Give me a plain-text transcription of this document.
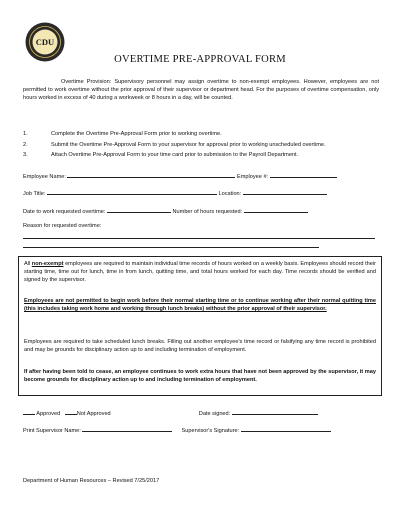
CDU
OVERTIME PRE-APPROVAL FORM
Overtime Provision: Supervisory personnel may assign overtime to non-exempt employees. However, employees are not permitted to work overtime without the prior approval of their supervisor or department head. For the purposes of overtime compensation, only hours worked in excess of 40 during a workweek or 8 hours in a day, will be counted.
1.	Complete the Overtime Pre-Approval Form prior to working overtime.
2.	Submit the Overtime Pre-Approval Form to your supervisor for approval prior to working unscheduled overtime.
3.	Attach Overtime Pre-Approval Form to your time card prior to submission to the Payroll Department.
Employee Name:	Employee #:
Job Title:	Location:
Date to work requested overtime:	Number of hours requested:
Reason for requested overtime:

All non-exempt employees are required to maintain individual time records of hours worked on a weekly basis. Employees should record their starting time, time out for lunch, time in from lunch, quitting time, and total hours worked for each day. Time records should be verified and signed by the supervisor.

Employees are not permitted to begin work before their normal starting time or to continue working after their normal quitting time (this includes taking work home and working through lunch breaks) without the prior approval of their supervisor.

Employees are required to take scheduled lunch breaks. Filling out another employee's time record or falsifying any time record is prohibited and may be grounds for disciplinary action up to and including termination of employment.

If after having been told to cease, an employee continues to work extra hours that have not been approved by the supervisor, it may become grounds for disciplinary action up to and including termination of employment.

Approved	Not Approved	Date signed:
Print Supervisor Name:	Supervisor's Signature:
Department of Human Resources – Revised 7/25/2017
